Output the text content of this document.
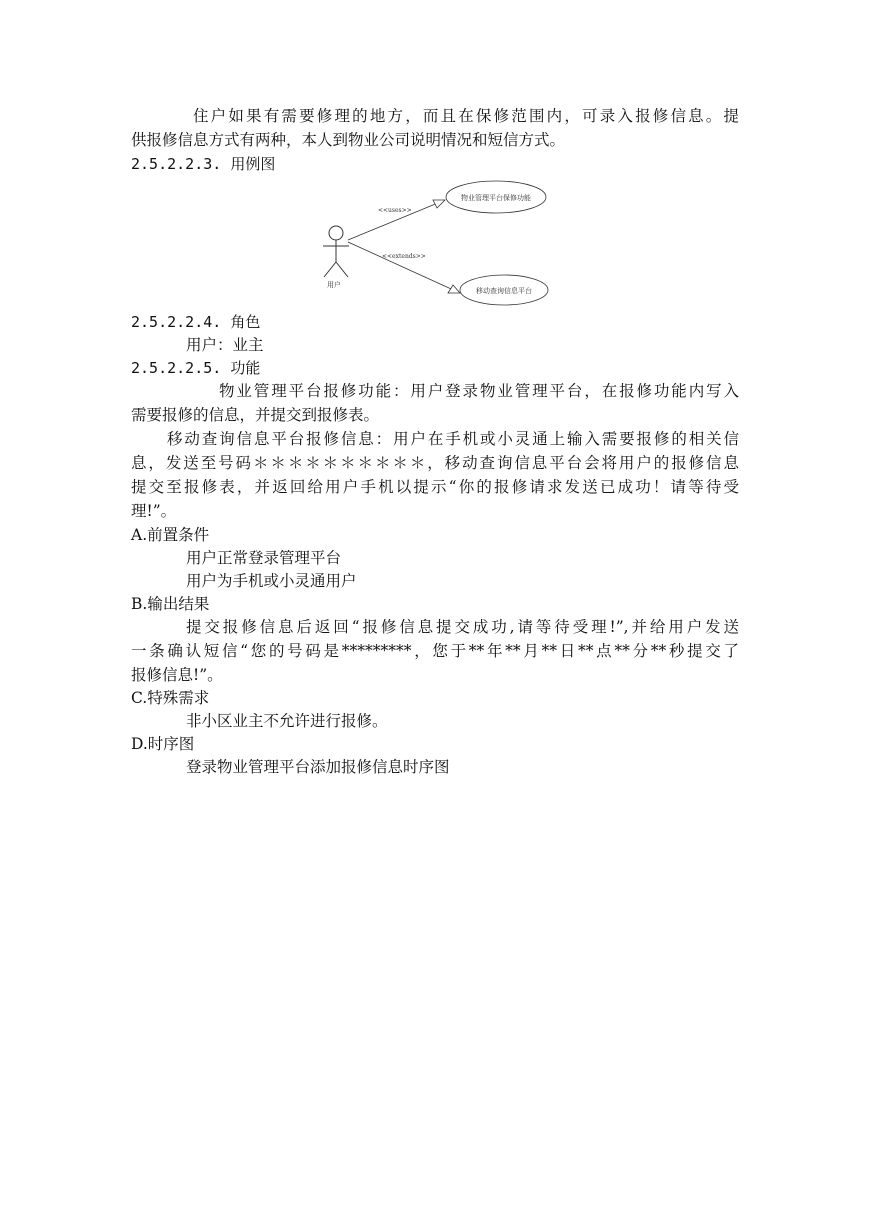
住户如果有需要修理的地方，而且在保修范围内，可录入报修信息。提
供报修信息方式有两种，本人到物业公司说明情况和短信方式。
2.5.2.2.3. 用例图
用户
<<uses>>
<<extends>>
物业管理平台保修功能
移动查询信息平台
2.5.2.2.4. 角色
用户：业主
2.5.2.2.5. 功能
物业管理平台报修功能：用户登录物业管理平台，在报修功能内写入
需要报修的信息，并提交到报修表。
移动查询信息平台报修信息：用户在手机或小灵通上输入需要报修的相关信
息，发送至号码＊＊＊＊＊＊＊＊＊＊，移动查询信息平台会将用户的报修信息
提交至报修表，并返回给用户手机以提示“你的报修请求发送已成功！请等待受
理!”。
A.前置条件
用户正常登录管理平台
用户为手机或小灵通用户
B.输出结果
提交报修信息后返回“报修信息提交成功,请等待受理!”,并给用户发送
一条确认短信“您的号码是*********，您于**年**月**日**点**分**秒提交了
报修信息!”。
C.特殊需求
非小区业主不允许进行报修。
D.时序图
登录物业管理平台添加报修信息时序图
